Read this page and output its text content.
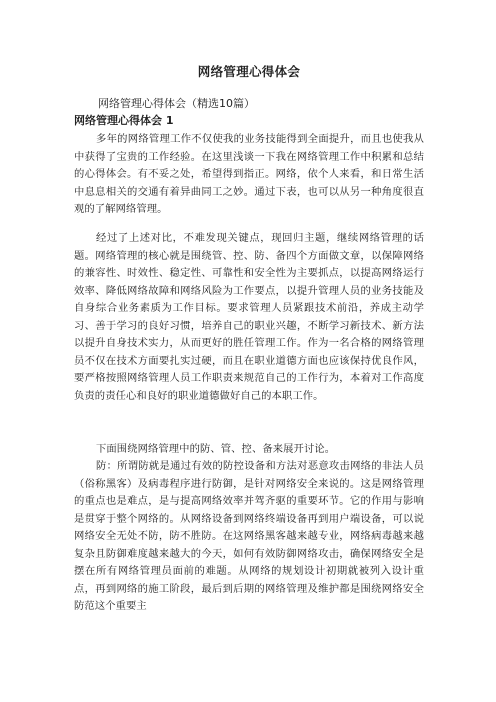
网络管理心得体会
网络管理心得体会（精选10篇）
网络管理心得体会 1

多年的网络管理工作不仅使我的业务技能得到全面提升，而且也使我从中获得了宝贵的工作经验。在这里浅谈一下我在网络管理工作中积累和总结的心得体会。有不妥之处，希望得到指正。网络，依个人来看，和日常生活中息息相关的交通有着异曲同工之妙。通过下表，也可以从另一种角度很直观的了解网络管理。

经过了上述对比，不难发现关键点，现回归主题，继续网络管理的话题。网络管理的核心就是围绕管、控、防、备四个方面做文章，以保障网络的兼容性、时效性、稳定性、可靠性和安全性为主要抓点，以提高网络运行效率、降低网络故障和网络风险为工作要点，以提升管理人员的业务技能及自身综合业务素质为工作目标。要求管理人员紧跟技术前沿，养成主动学习、善于学习的良好习惯，培养自己的职业兴趣，不断学习新技术、新方法以提升自身技术实力，从而更好的胜任管理工作。作为一名合格的网络管理员不仅在技术方面要扎实过硬，而且在职业道德方面也应该保持优良作风，要严格按照网络管理人员工作职责来规范自己的工作行为，本着对工作高度负责的责任心和良好的职业道德做好自己的本职工作。

下面围绕网络管理中的防、管、控、备来展开讨论。

防：所谓防就是通过有效的防控设备和方法对恶意攻击网络的非法人员（俗称黑客）及病毒程序进行防御，是针对网络安全来说的。这是网络管理的重点也是难点，是与提高网络效率并驾齐驱的重要环节。它的作用与影响是贯穿于整个网络的。从网络设备到网络终端设备再到用户端设备，可以说网络安全无处不防，防不胜防。在这网络黑客越来越专业，网络病毒越来越复杂且防御难度越来越大的今天，如何有效防御网络攻击，确保网络安全是摆在所有网络管理员面前的难题。从网络的规划设计初期就被列入设计重点，再到网络的施工阶段，最后到后期的网络管理及维护都是围绕网络安全防范这个重要主
